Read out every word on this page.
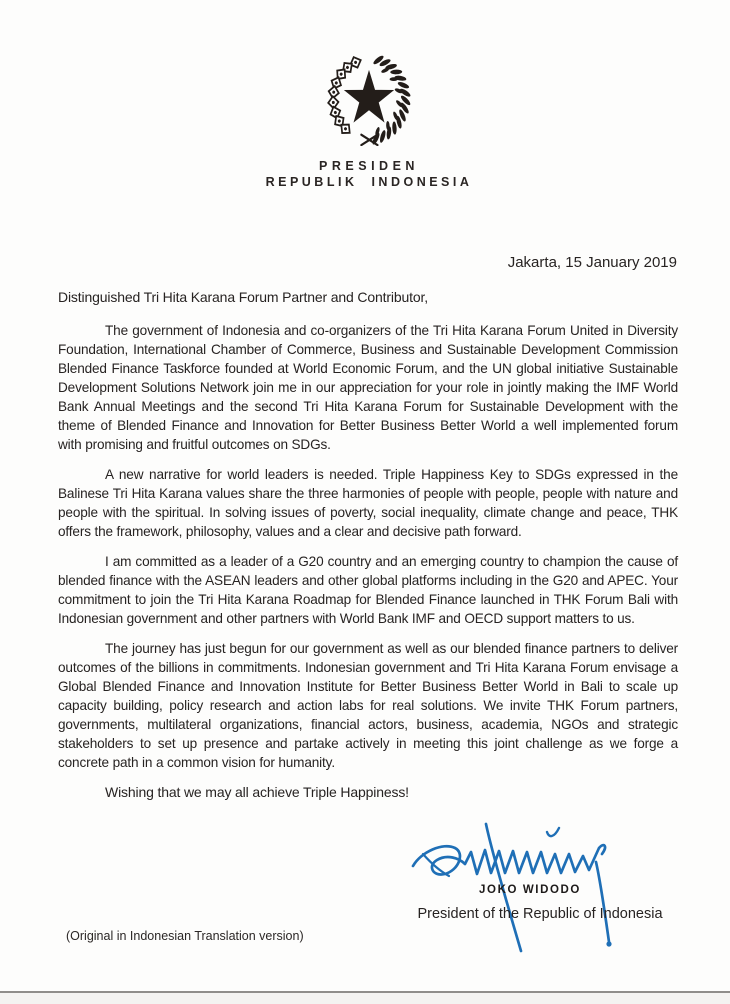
PRESIDEN
REPUBLIK INDONESIA
Jakarta, 15 January 2019

Distinguished Tri Hita Karana Forum Partner and Contributor,

The government of Indonesia and co-organizers of the Tri Hita Karana Forum United in Diversity Foundation, International Chamber of Commerce, Business and Sustainable Development Commission Blended Finance Taskforce founded at World Economic Forum, and the UN global initiative Sustainable Development Solutions Network join me in our appreciation for your role in jointly making the IMF World Bank Annual Meetings and the second Tri Hita Karana Forum for Sustainable Development with the theme of Blended Finance and Innovation for Better Business Better World a well implemented forum with promising and fruitful outcomes on SDGs.

A new narrative for world leaders is needed. Triple Happiness Key to SDGs expressed in the Balinese Tri Hita Karana values share the three harmonies of people with people, people with nature and people with the spiritual. In solving issues of poverty, social inequality, climate change and peace, THK offers the framework, philosophy, values and a clear and decisive path forward.

I am committed as a leader of a G20 country and an emerging country to champion the cause of blended finance with the ASEAN leaders and other global platforms including in the G20 and APEC. Your commitment to join the Tri Hita Karana Roadmap for Blended Finance launched in THK Forum Bali with Indonesian government and other partners with World Bank IMF and OECD support matters to us.

The journey has just begun for our government as well as our blended finance partners to deliver outcomes of the billions in commitments. Indonesian government and Tri Hita Karana Forum envisage a Global Blended Finance and Innovation Institute for Better Business Better World in Bali to scale up capacity building, policy research and action labs for real solutions. We invite THK Forum partners, governments, multilateral organizations, financial actors, business, academia, NGOs and strategic stakeholders to set up presence and partake actively in meeting this joint challenge as we forge a concrete path in a common vision for humanity.

Wishing that we may all achieve Triple Happiness!

JOKO WIDODO
President of the Republic of Indonesia
(Original in Indonesian Translation version)
